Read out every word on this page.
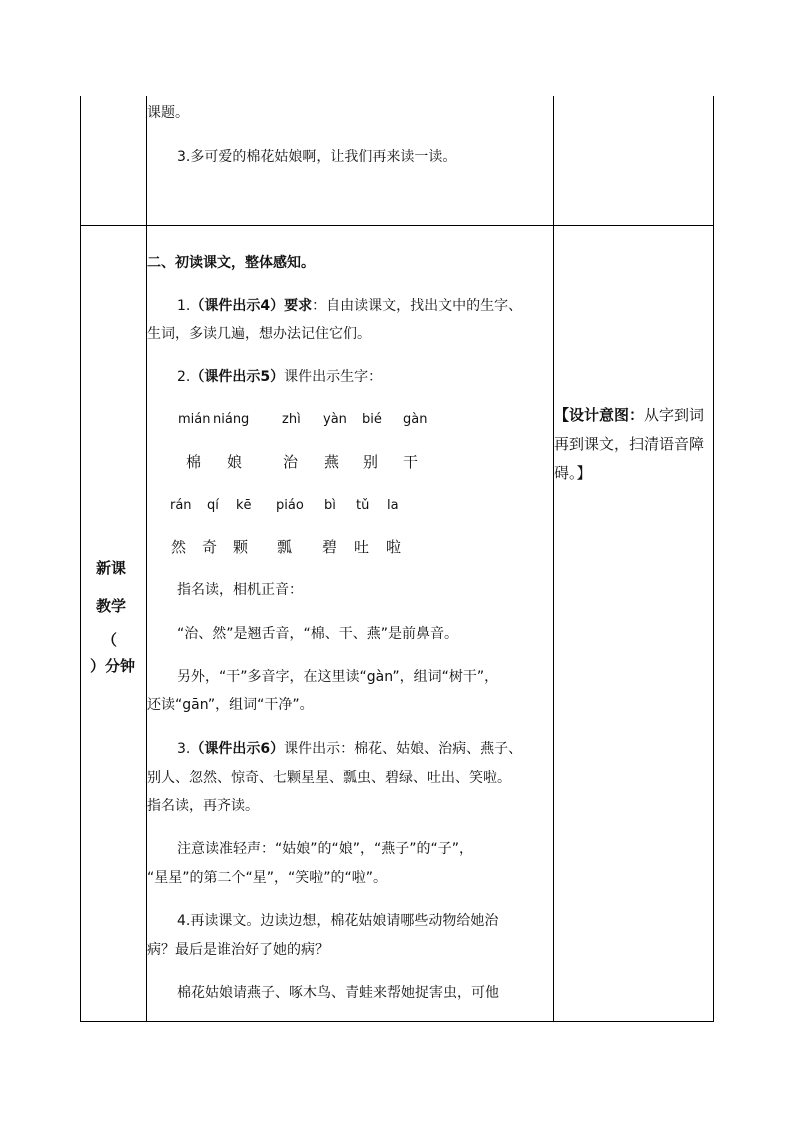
课题。
3.多可爱的棉花姑娘啊，让我们再来读一读。
新课
教学
（
）分钟
二、初读课文，整体感知。
1.（课件出示4）要求：自由读课文，找出文中的生字、
生词，多读几遍，想办法记住它们。
2.（课件出示5）课件出示生字：
mián niáng	zhì yàn bié gàn
棉 娘	治 燕 别 干
rán qí kē piáo bì tǔ la
然 奇 颗 瓢 碧 吐 啦
指名读，相机正音：
“治、然”是翘舌音，“棉、干、燕”是前鼻音。
另外，“干”多音字，在这里读“gàn”，组词“树干”，
还读“gān”，组词“干净”。
3.（课件出示6）课件出示：棉花、姑娘、治病、燕子、
别人、忽然、惊奇、七颗星星、瓢虫、碧绿、吐出、笑啦。
指名读，再齐读。
注意读准轻声：“姑娘”的“娘”，“燕子”的“子”，
“星星”的第二个“星”，“笑啦”的“啦”。
4.再读课文。边读边想，棉花姑娘请哪些动物给她治
病？最后是谁治好了她的病？
棉花姑娘请燕子、啄木鸟、青蛙来帮她捉害虫，可他
【设计意图：从字到词
再到课文，扫清语音障
碍。】
